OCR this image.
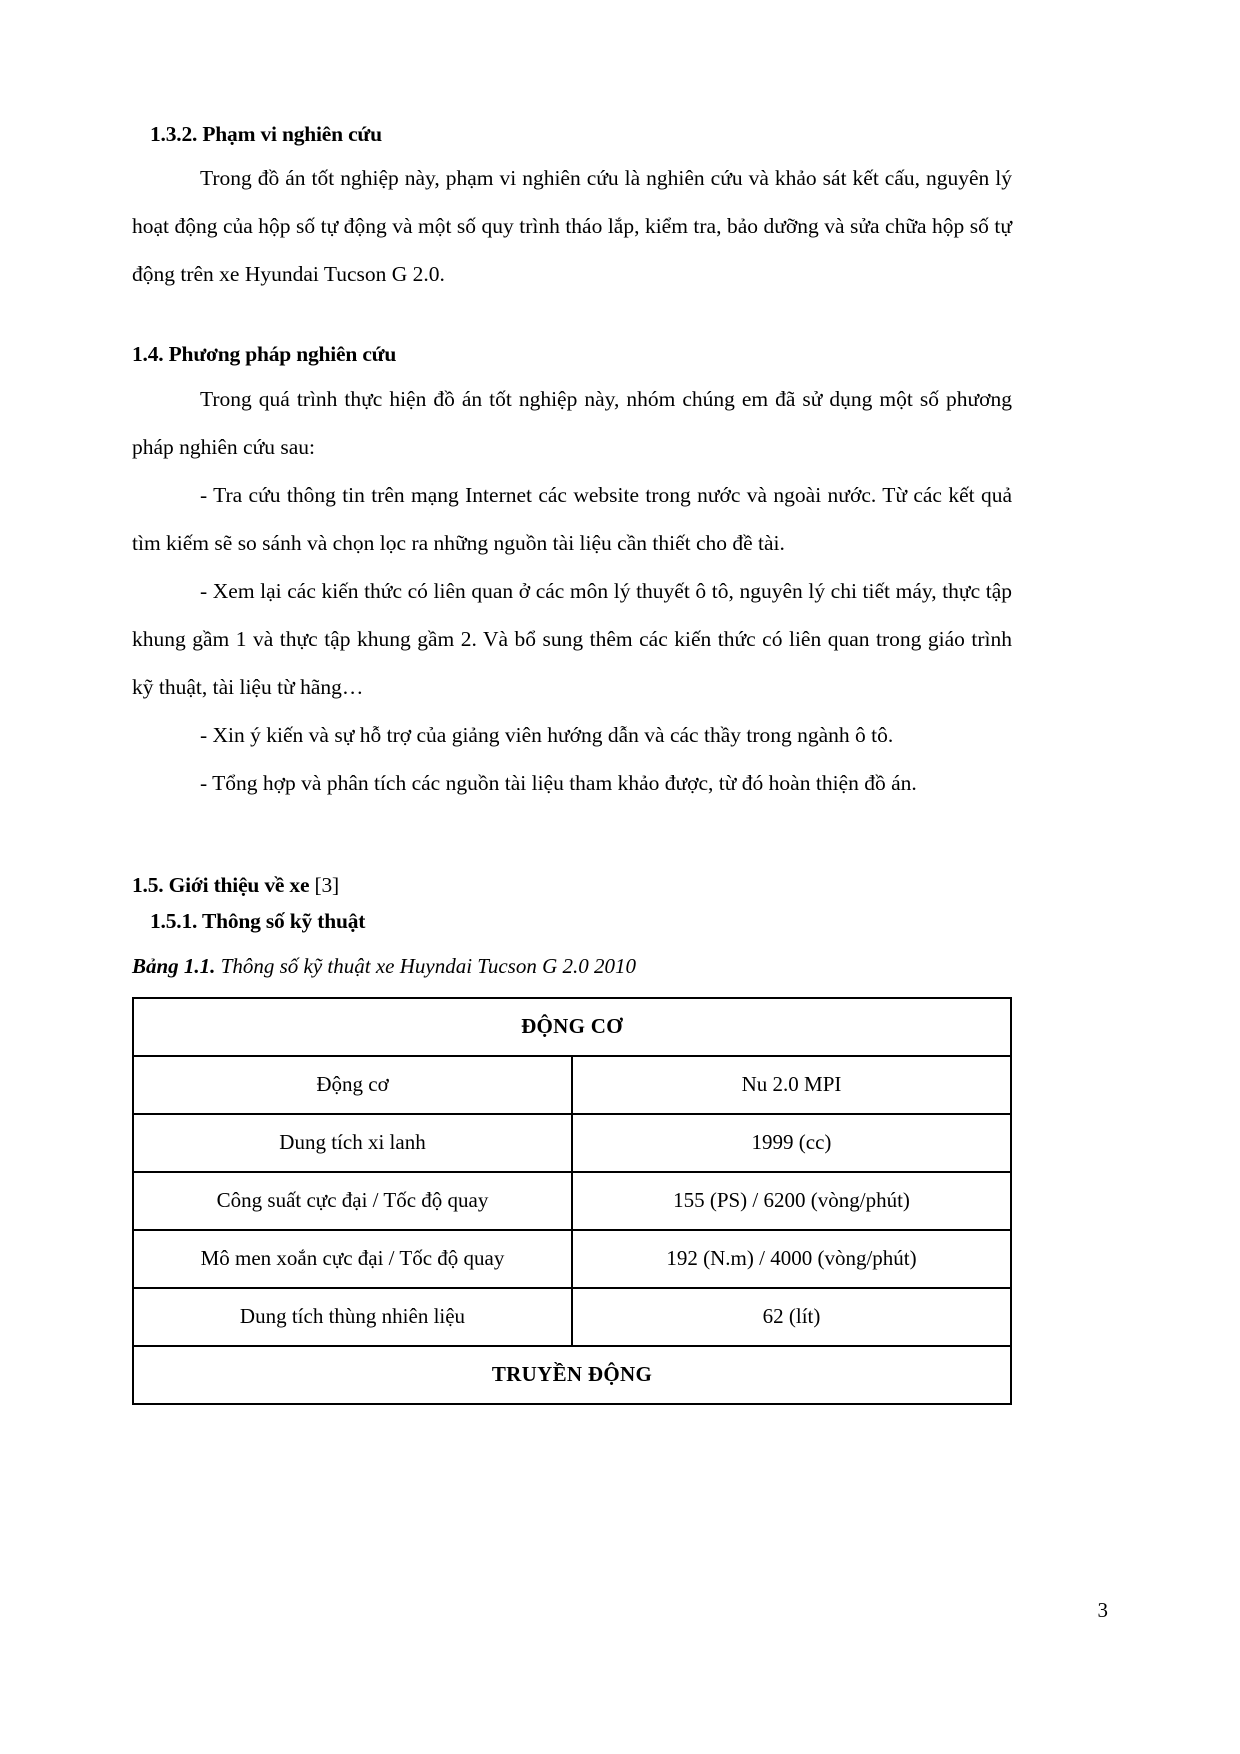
1.3.2. Phạm vi nghiên cứu

Trong đồ án tốt nghiệp này, phạm vi nghiên cứu là nghiên cứu và khảo sát kết cấu, nguyên lý hoạt động của hộp số tự động và một số quy trình tháo lắp, kiểm tra, bảo dưỡng và sửa chữa hộp số tự động trên xe Hyundai Tucson G 2.0.

1.4. Phương pháp nghiên cứu

Trong quá trình thực hiện đồ án tốt nghiệp này, nhóm chúng em đã sử dụng một số phương pháp nghiên cứu sau:

- Tra cứu thông tin trên mạng Internet các website trong nước và ngoài nước. Từ các kết quả tìm kiếm sẽ so sánh và chọn lọc ra những nguồn tài liệu cần thiết cho đề tài.

- Xem lại các kiến thức có liên quan ở các môn lý thuyết ô tô, nguyên lý chi tiết máy, thực tập khung gầm 1 và thực tập khung gầm 2. Và bổ sung thêm các kiến thức có liên quan trong giáo trình kỹ thuật, tài liệu từ hãng…

- Xin ý kiến và sự hỗ trợ của giảng viên hướng dẫn và các thầy trong ngành ô tô.

- Tổng hợp và phân tích các nguồn tài liệu tham khảo được, từ đó hoàn thiện đồ án.

1.5. Giới thiệu về xe [3]
1.5.1. Thông số kỹ thuật

Bảng 1.1. Thông số kỹ thuật xe Huyndai Tucson G 2.0 2010

ĐỘNG CƠ	
Động cơ	Nu 2.0 MPI
Dung tích xi lanh	1999 (cc)
Công suất cực đại / Tốc độ quay	155 (PS) / 6200 (vòng/phút)
Mô men xoắn cực đại / Tốc độ quay	192 (N.m) / 4000 (vòng/phút)
Dung tích thùng nhiên liệu	62 (lít)
TRUYỀN ĐỘNG	
3
